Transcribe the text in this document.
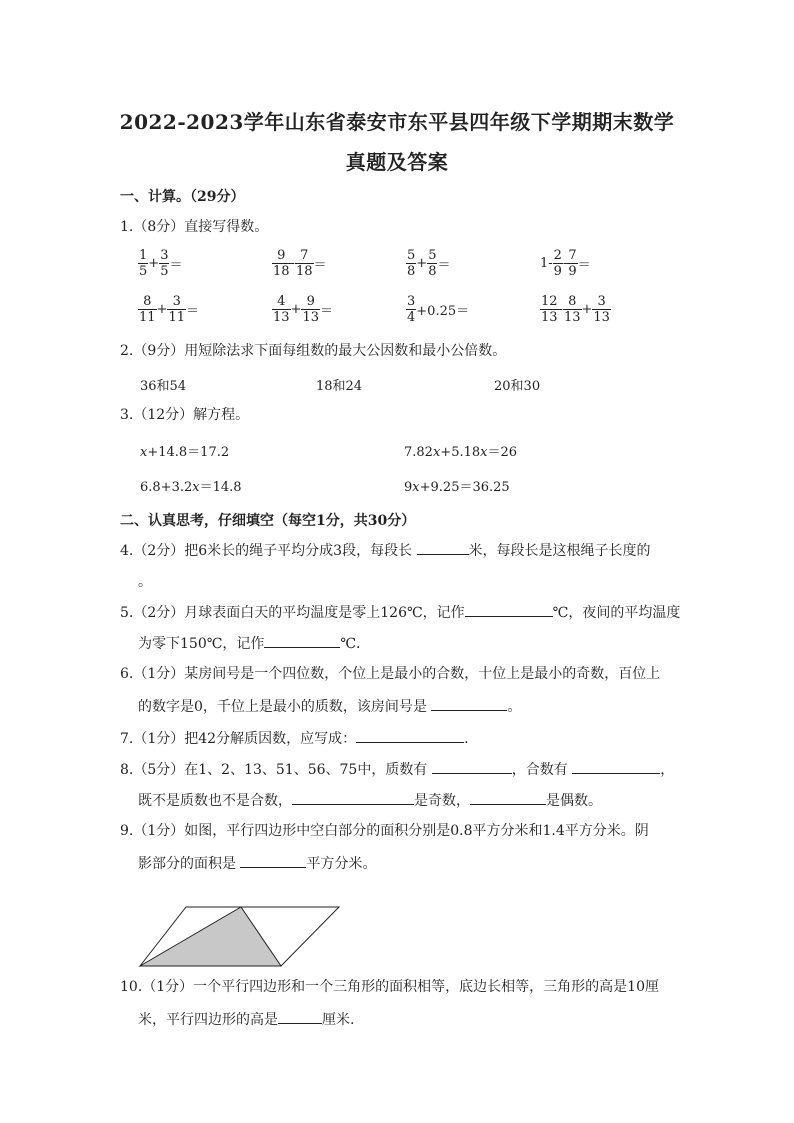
2022-2023学年山东省泰安市东平县四年级下学期期末数学
真题及答案
一、计算。（29分）
1.（8分）直接写得数。
$\frac{1}{5} + \frac{3}{5}$ ＝	$\frac{9}{18} - \frac{7}{18}$ ＝	$\frac{5}{8} + \frac{5}{8}$ ＝	$1- \frac{2}{9} - \frac{7}{9}$ ＝
$\frac{8}{11} + \frac{3}{11}$ ＝	$\frac{4}{13} + \frac{9}{13}$ ＝	$\frac{3}{4} +0.25=$	$\frac{12}{13} - \frac{8}{13} + \frac{3}{13}$
2.（9分）用短除法求下面每组数的最大公因数和最小公倍数。
36和54	18和24	20和30
3.（12分）解方程。
x+14.8＝17.2	7.82x+5.18x＝26
6.8+3.2x＝14.8	9x+9.25＝36.25
二、认真思考，仔细填空（每空1分，共30分）
4.（2分）把6米长的绳子平均分成3段，每段长	米，每段长是这根绳子长度的
。
5.（2分）月球表面白天的平均温度是零上126℃，记作	℃，夜间的平均温度
为零下150℃，记作	℃.
6.（1分）某房间号是一个四位数，个位上是最小的合数，十位上是最小的奇数，百位上
的数字是0，千位上是最小的质数，该房间号是	。
7.（1分）把42分解质因数，应写成：	.
8.（5分）在1、2、13、51、56、75中，质数有	，合数有	，
既不是质数也不是合数，	是奇数，	是偶数。
9.（1分）如图，平行四边形中空白部分的面积分别是0.8平方分米和1.4平方分米。阴
影部分的面积是	平方分米。
10.（1分）一个平行四边形和一个三角形的面积相等，底边长相等，三角形的高是10厘
米，平行四边形的高是	厘米.
